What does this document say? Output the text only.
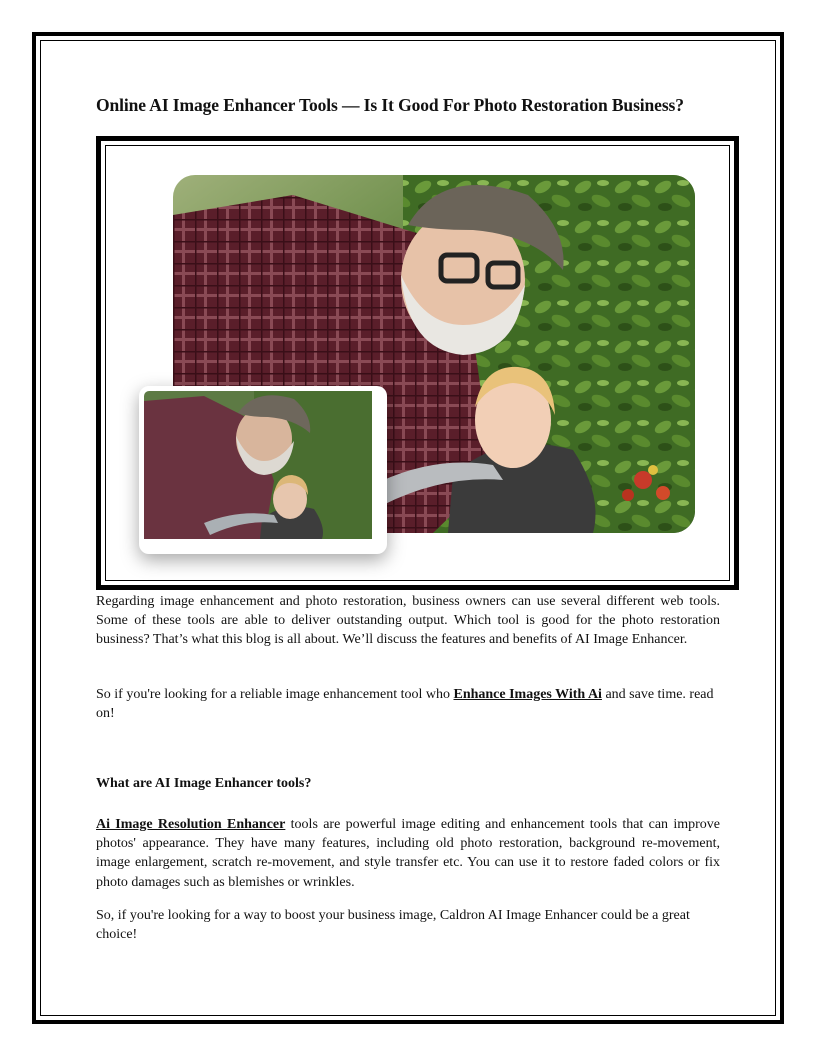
Online AI Image Enhancer Tools — Is It Good For Photo Restoration Business?

Regarding image enhancement and photo restoration, business owners can use several different web tools. Some of these tools are able to deliver outstanding output. Which tool is good for the photo restoration business? That’s what this blog is all about. We’ll discuss the features and benefits of AI Image Enhancer.

So if you're looking for a reliable image enhancement tool who Enhance Images With Ai and save time. read on!

What are AI Image Enhancer tools?

Ai Image Resolution Enhancer tools are powerful image editing and enhancement tools that can improve photos' appearance. They have many features, including old photo restoration, background re-movement, image enlargement, scratch re-movement, and style transfer etc. You can use it to restore faded colors or fix photo damages such as blemishes or wrinkles.

So, if you're looking for a way to boost your business image, Caldron AI Image Enhancer could be a great choice!
